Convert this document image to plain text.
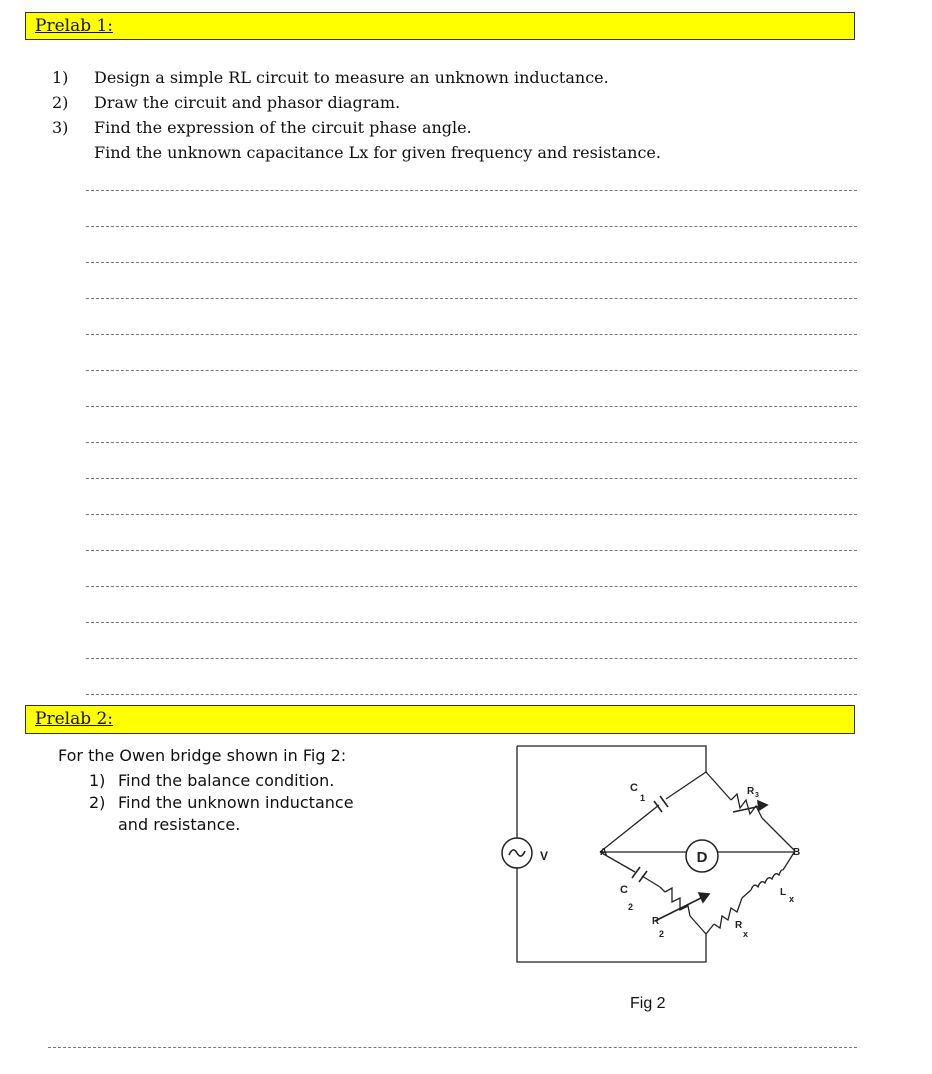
Prelab 1:
1) Design a simple RL circuit to measure an unknown inductance.
2) Draw the circuit and phasor diagram.
3) Find the expression of the circuit phase angle.
Find the unknown capacitance Lx for given frequency and resistance.
Prelab 2:
For the Owen bridge shown in Fig 2:
1) Find the balance condition.
2) Find the unknown inductance
and resistance.
V	A	B
D
C
1
R 3
C
2
R
2
R
x
L
x
Fig 2
